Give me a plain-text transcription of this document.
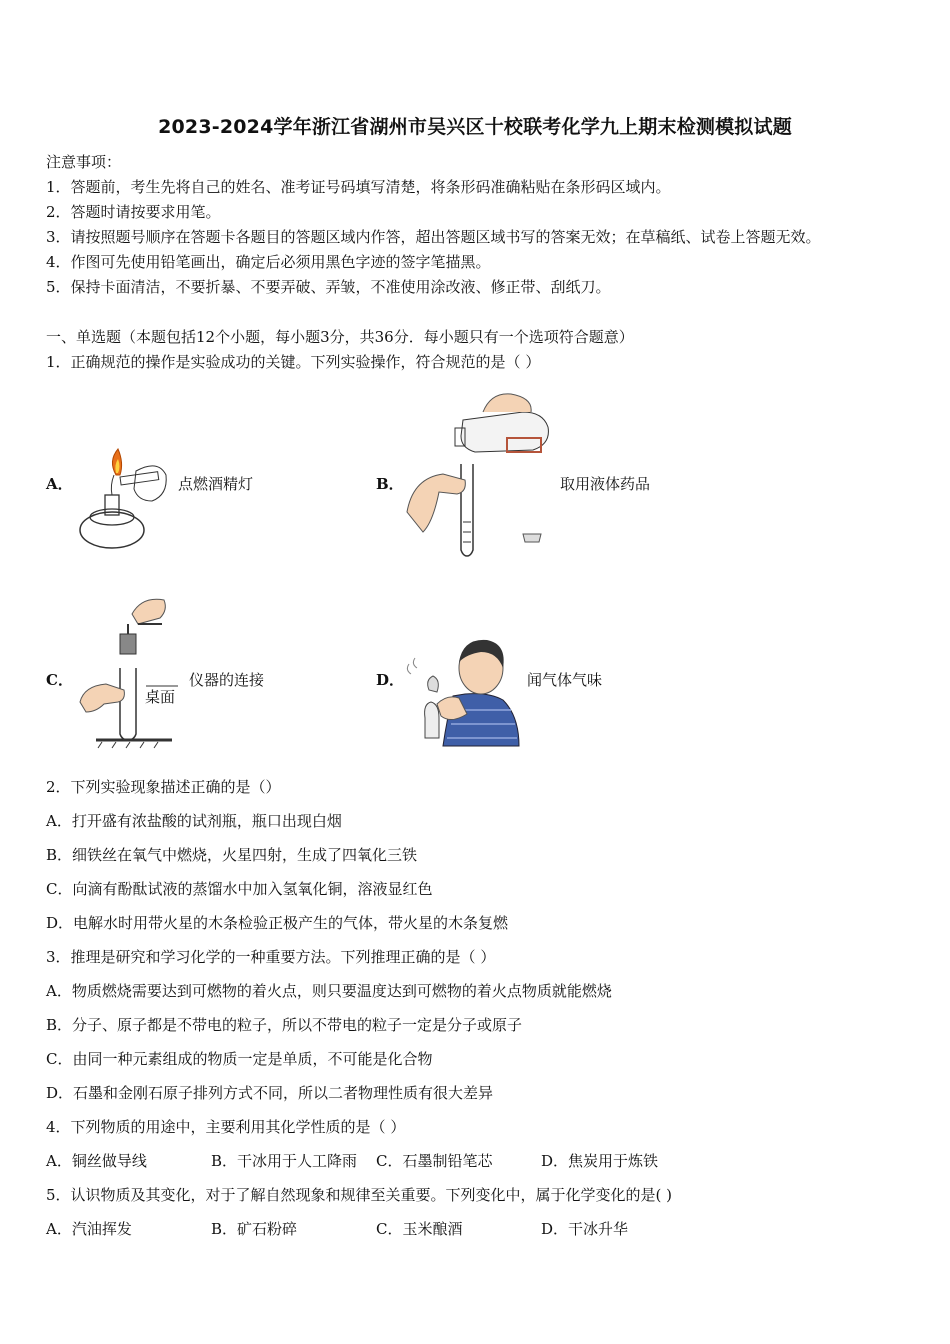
2023-2024学年浙江省湖州市吴兴区十校联考化学九上期末检测模拟试题
注意事项：
1．答题前，考生先将自己的姓名、准考证号码填写清楚，将条形码准确粘贴在条形码区域内。
2．答题时请按要求用笔。
3．请按照题号顺序在答题卡各题目的答题区域内作答，超出答题区域书写的答案无效；在草稿纸、试卷上答题无效。
4．作图可先使用铅笔画出，确定后必须用黑色字迹的签字笔描黑。
5．保持卡面清洁，不要折暴、不要弄破、弄皱，不准使用涂改液、修正带、刮纸刀。
一、单选题（本题包括12个小题，每小题3分，共36分．每小题只有一个选项符合题意）
1．正确规范的操作是实验成功的关键。下列实验操作，符合规范的是（ ）
A．	点燃酒精灯	B．	取用液体药品
C．
桌面
仪器的连接	D．	闻气体气味
2．下列实验现象描述正确的是（）
A．打开盛有浓盐酸的试剂瓶，瓶口出现白烟
B．细铁丝在氧气中燃烧，火星四射，生成了四氧化三铁
C．向滴有酚酞试液的蒸馏水中加入氢氧化铜，溶液显红色
D．电解水时用带火星的木条检验正极产生的气体，带火星的木条复燃
3．推理是研究和学习化学的一种重要方法。下列推理正确的是（ ）
A．物质燃烧需要达到可燃物的着火点，则只要温度达到可燃物的着火点物质就能燃烧
B．分子、原子都是不带电的粒子，所以不带电的粒子一定是分子或原子
C．由同一种元素组成的物质一定是单质，不可能是化合物
D．石墨和金刚石原子排列方式不同，所以二者物理性质有很大差异
4．下列物质的用途中，主要利用其化学性质的是（ ）
A．铜丝做导线	B．干冰用于人工降雨 C．石墨制铅笔芯	D．焦炭用于炼铁
5．认识物质及其变化，对于了解自然现象和规律至关重要。下列变化中，属于化学变化的是( )
A．汽油挥发	B．矿石粉碎	C．玉米酿酒	D．干冰升华
